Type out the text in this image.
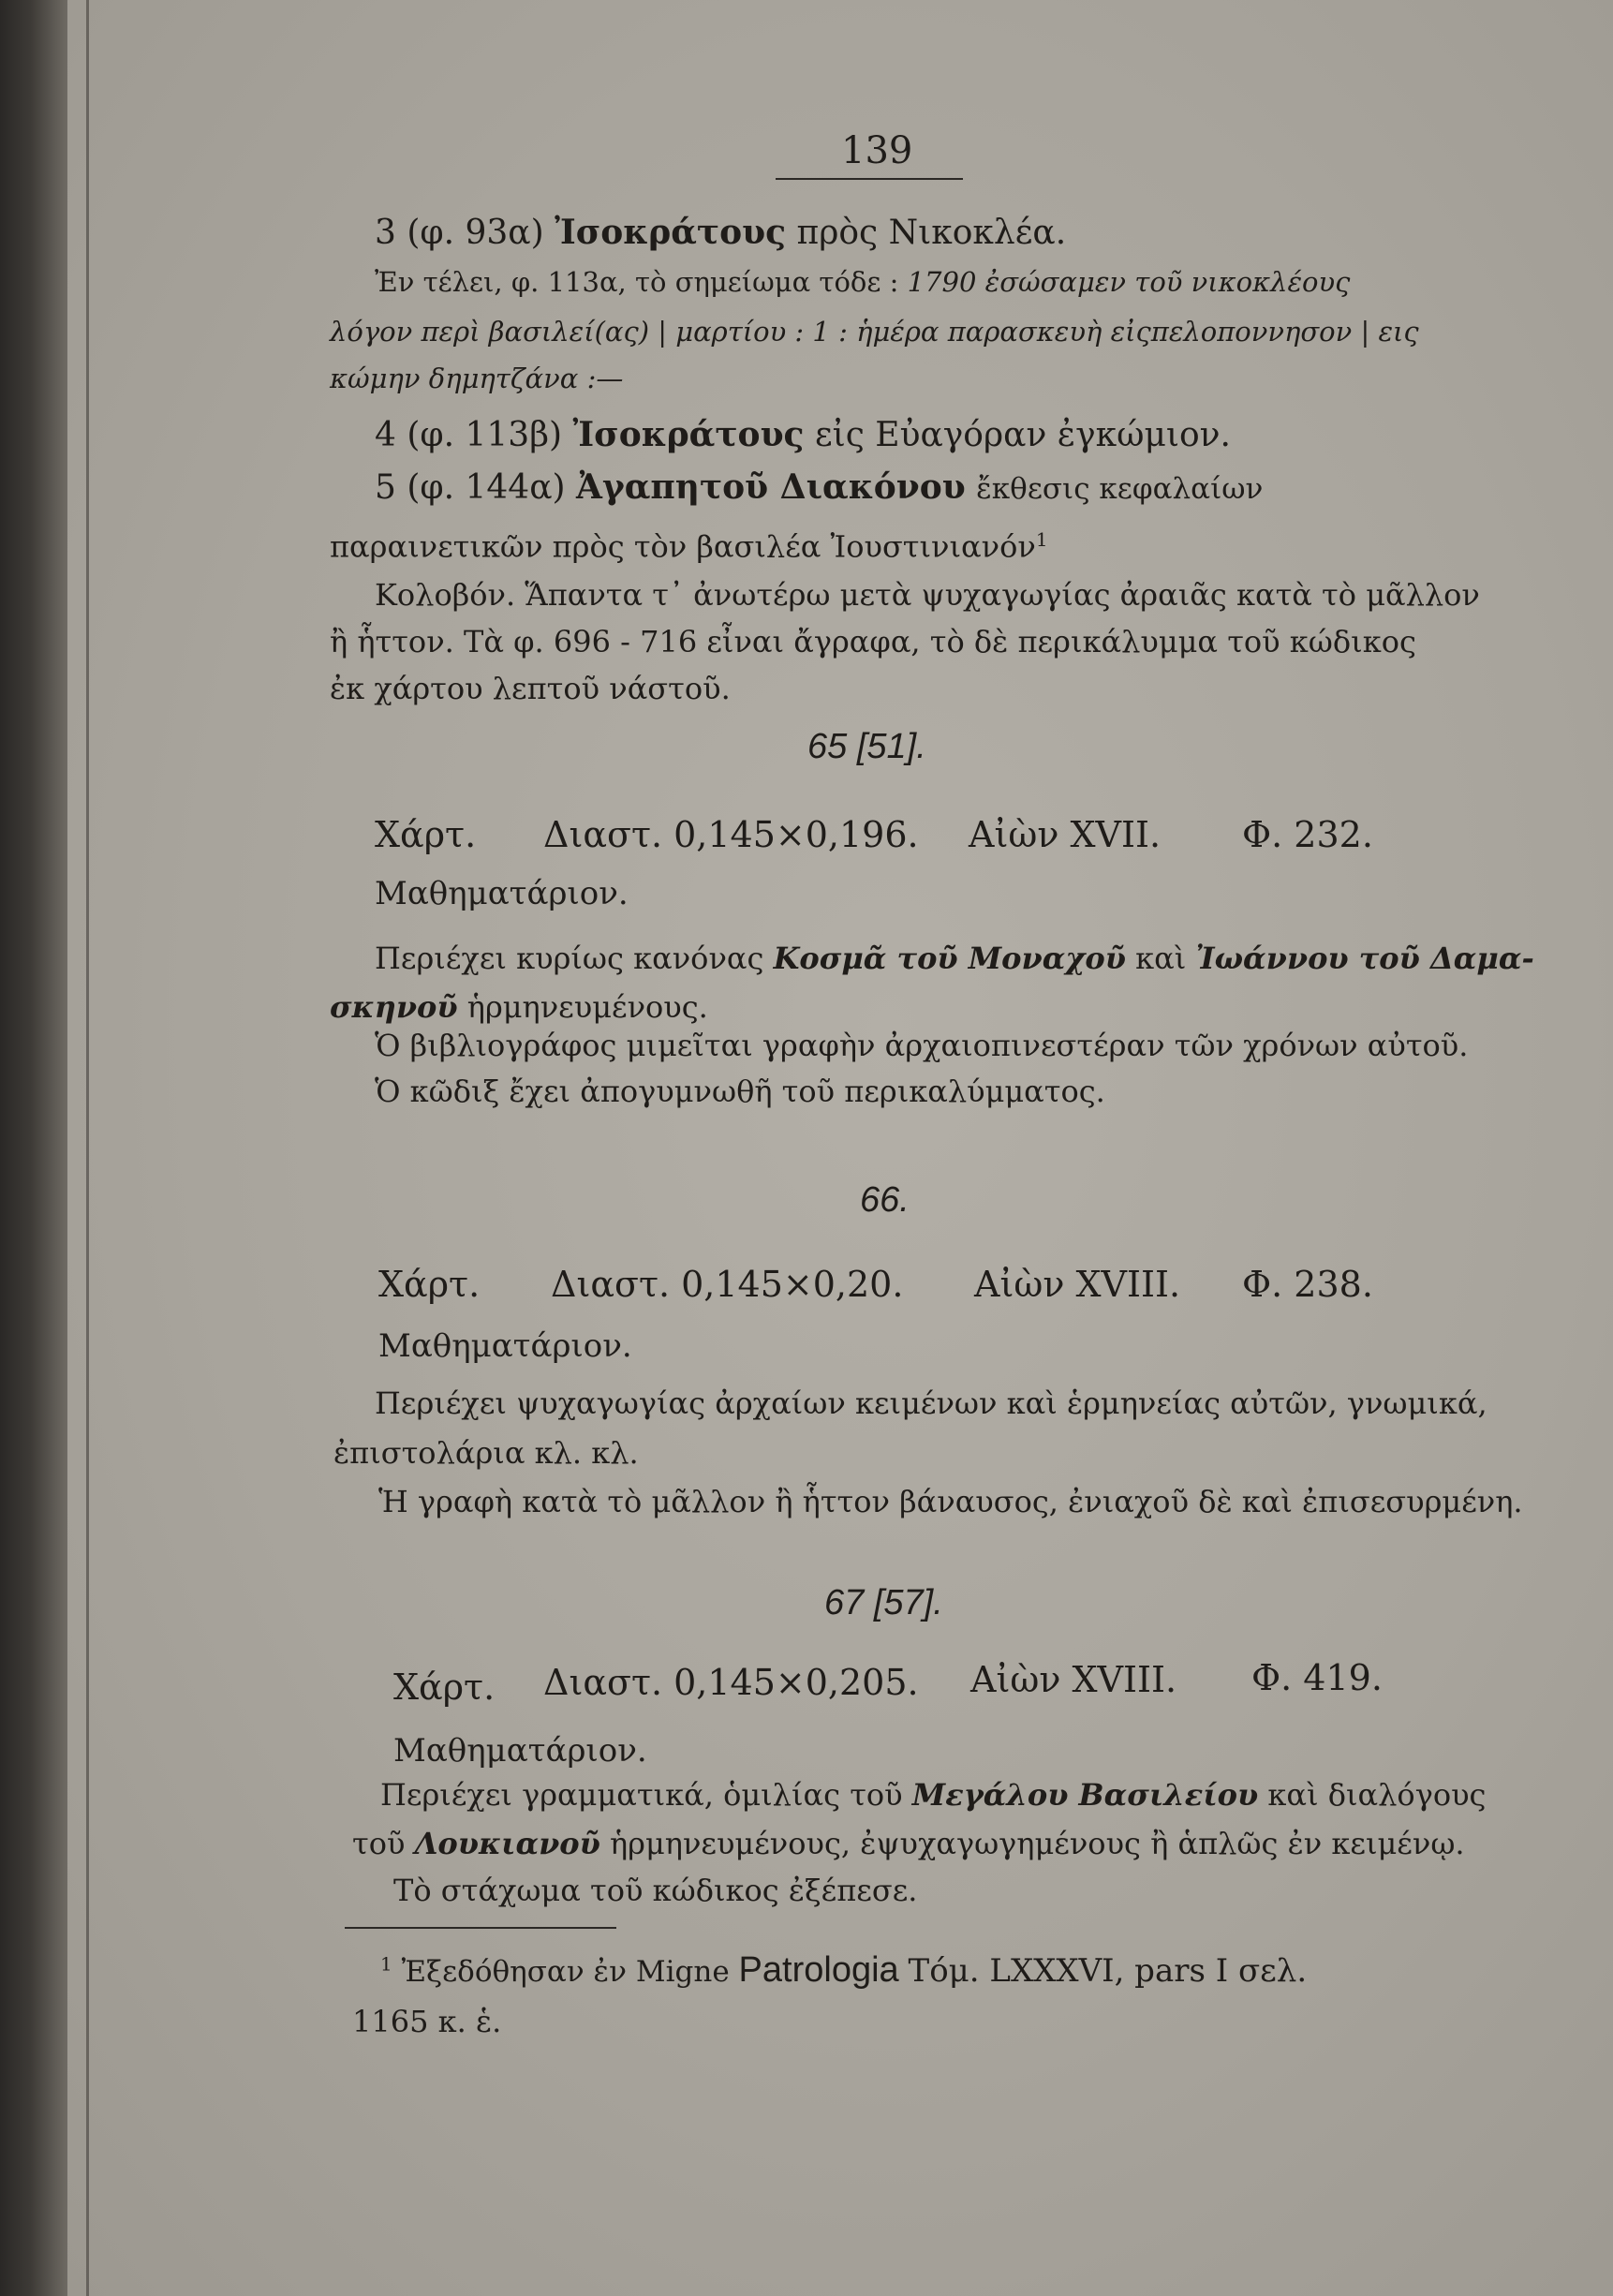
139
3 (φ. 93α) Ἰσοκράτους πρὸς Νικοκλέα.
Ἐν τέλει, φ. 113α, τὸ σημείωμα τόδε : 1790 ἐσώσαμεν τοῦ νικοκλέους
λόγον περὶ βασιλεί(ας) | μαρτίου : 1 : ἡμέρα παρασκευὴ εἰςπελοποννησον | εις
κώμην δημητζάνα :—
4 (φ. 113β) Ἰσοκράτους εἰς Εὐαγόραν ἐγκώμιον.
5 (φ. 144α) Ἀγαπητοῦ Διακόνου ἔκθεσις κεφαλαίων
παραινετικῶν πρὸς τὸν βασιλέα Ἰουστινιανόν$^1$
Κολοβόν. Ἅπαντα τ᾽ ἀνωτέρω μετὰ ψυχαγωγίας ἀραιᾶς κατὰ τὸ μᾶλλον
ἢ ἧττον. Τὰ φ. 696 - 716 εἶναι ἄγραφα, τὸ δὲ περικάλυμμα τοῦ κώδικος
ἐκ χάρτου λεπτοῦ νάστοῦ.
65 [51].
Χάρτ. Διαστ. 0,145×0,196. Αἰὼν XVII. Φ. 232.
Μαθηματάριον.
Περιέχει κυρίως κανόνας Κοσμᾶ τοῦ Μοναχοῦ καὶ Ἰωάννου τοῦ Δαμα-
σκηνοῦ ἡρμηνευμένους.
Ὁ βιβλιογράφος μιμεῖται γραφὴν ἀρχαιοπινεστέραν τῶν χρόνων αὐτοῦ.
Ὁ κῶδιξ ἔχει ἀπογυμνωθῆ τοῦ περικαλύμματος.
66.
Χάρτ. Διαστ. 0,145×0,20. Αἰὼν XVIII. Φ. 238.
Μαθηματάριον.
Περιέχει ψυχαγωγίας ἀρχαίων κειμένων καὶ ἑρμηνείας αὐτῶν, γνωμικά,
ἐπιστολάρια κλ. κλ.
Ἡ γραφὴ κατὰ τὸ μᾶλλον ἢ ἧττον βάναυσος, ἐνιαχοῦ δὲ καὶ ἐπισεσυρμένη.
67 [57].
Χάρτ. Διαστ. 0,145×0,205. Αἰὼν XVIII. Φ. 419.
Μαθηματάριον.
Περιέχει γραμματικά, ὁμιλίας τοῦ Μεγάλου Βασιλείου καὶ διαλόγους
τοῦ Λουκιανοῦ ἡρμηνευμένους, ἐψυχαγωγημένους ἢ ἁπλῶς ἐν κειμένῳ.
Τὸ στάχωμα τοῦ κώδικος ἐξέπεσε.
$^1$ Ἐξεδόθησαν ἐν Migne Patrologia Τόμ. LXXXVI, pars I σελ.
1165 κ. ἑ.
